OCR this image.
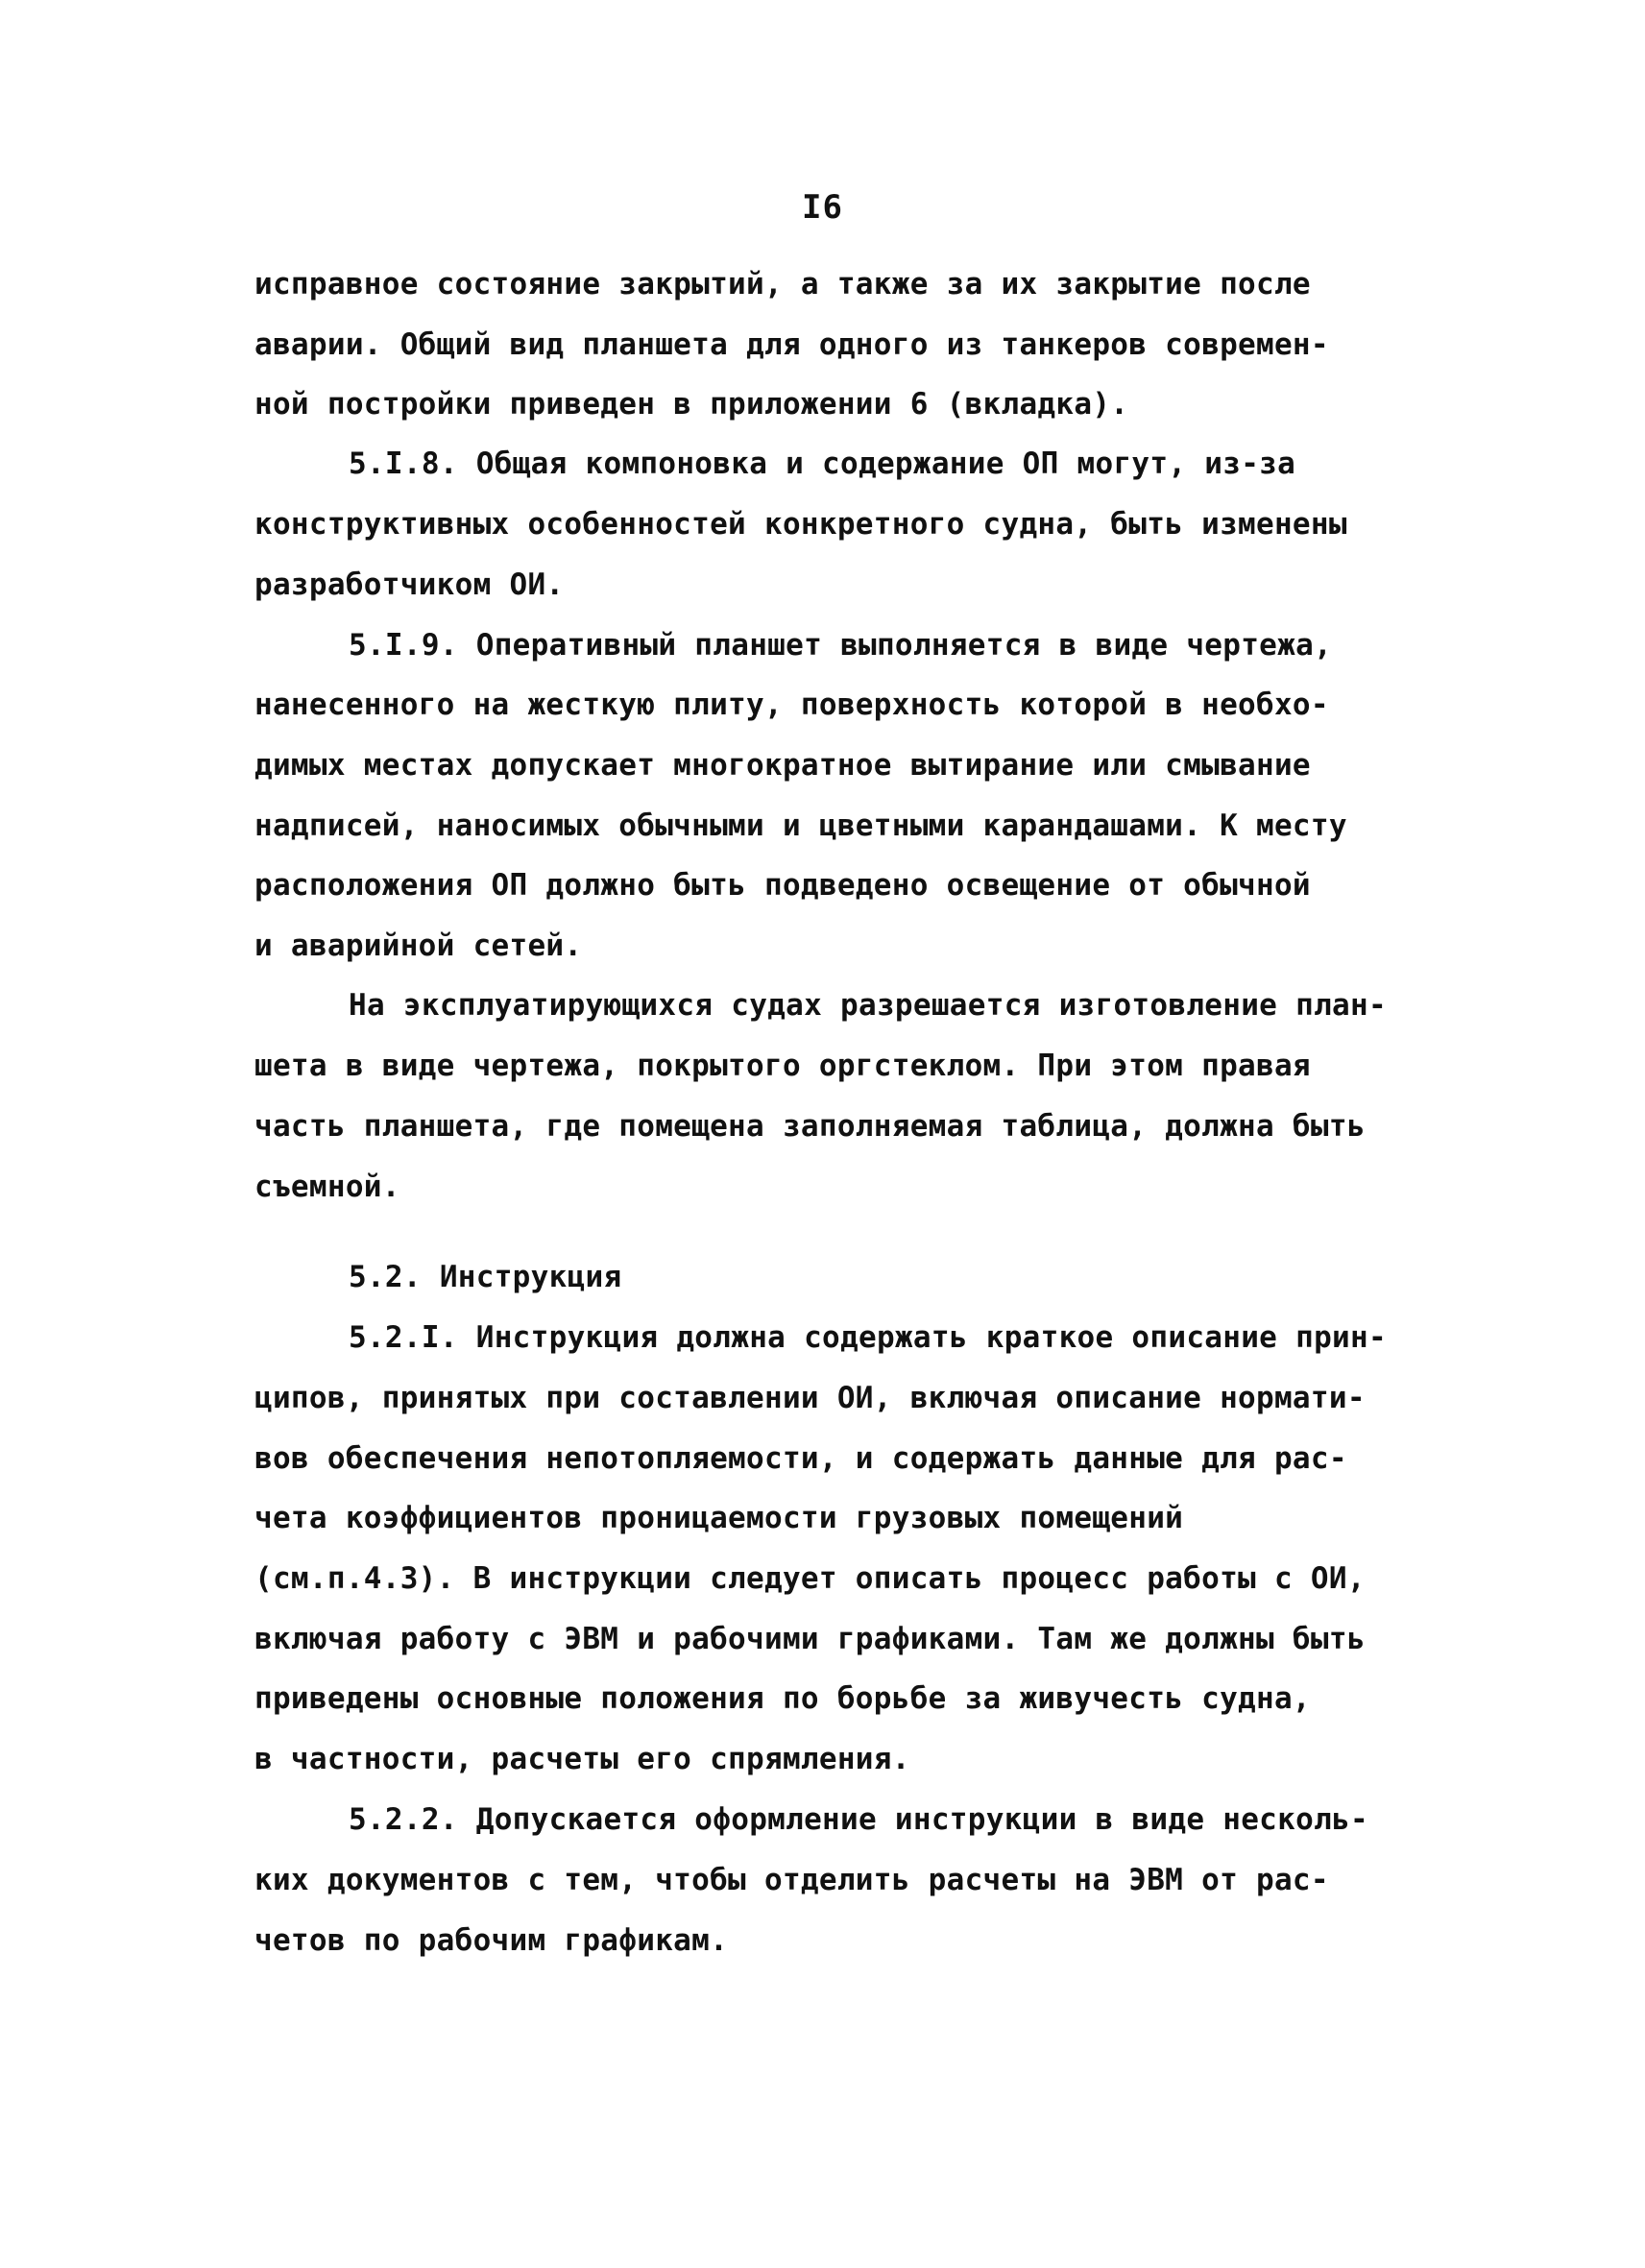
I6
исправное состояние закрытий, а также за их закрытие после
аварии. Общий вид планшета для одного из танкеров современ-
ной постройки приведен в приложении 6 (вкладка).
5.I.8. Общая компоновка и содержание ОП могут, из-за
конструктивных особенностей конкретного судна, быть изменены
разработчиком ОИ.
5.I.9. Оперативный планшет выполняется в виде чертежа,
нанесенного на жесткую плиту, поверхность которой в необхо-
димых местах допускает многократное вытирание или смывание
надписей, наносимых обычными и цветными карандашами. К месту
расположения ОП должно быть подведено освещение от обычной
и аварийной сетей.
На эксплуатирующихся судах разрешается изготовление план-
шета в виде чертежа, покрытого оргстеклом. При этом правая
часть планшета, где помещена заполняемая таблица, должна быть
съемной.
5.2. Инструкция
5.2.I. Инструкция должна содержать краткое описание прин-
ципов, принятых при составлении ОИ, включая описание нормати-
вов обеспечения непотопляемости, и содержать данные для рас-
чета коэффициентов проницаемости грузовых помещений
(см.п.4.3). В инструкции следует описать процесс работы с ОИ,
включая работу с ЭВМ и рабочими графиками. Там же должны быть
приведены основные положения по борьбе за живучесть судна,
в частности, расчеты его спрямления.
5.2.2. Допускается оформление инструкции в виде несколь-
ких документов с тем, чтобы отделить расчеты на ЭВМ от рас-
четов по рабочим графикам.
